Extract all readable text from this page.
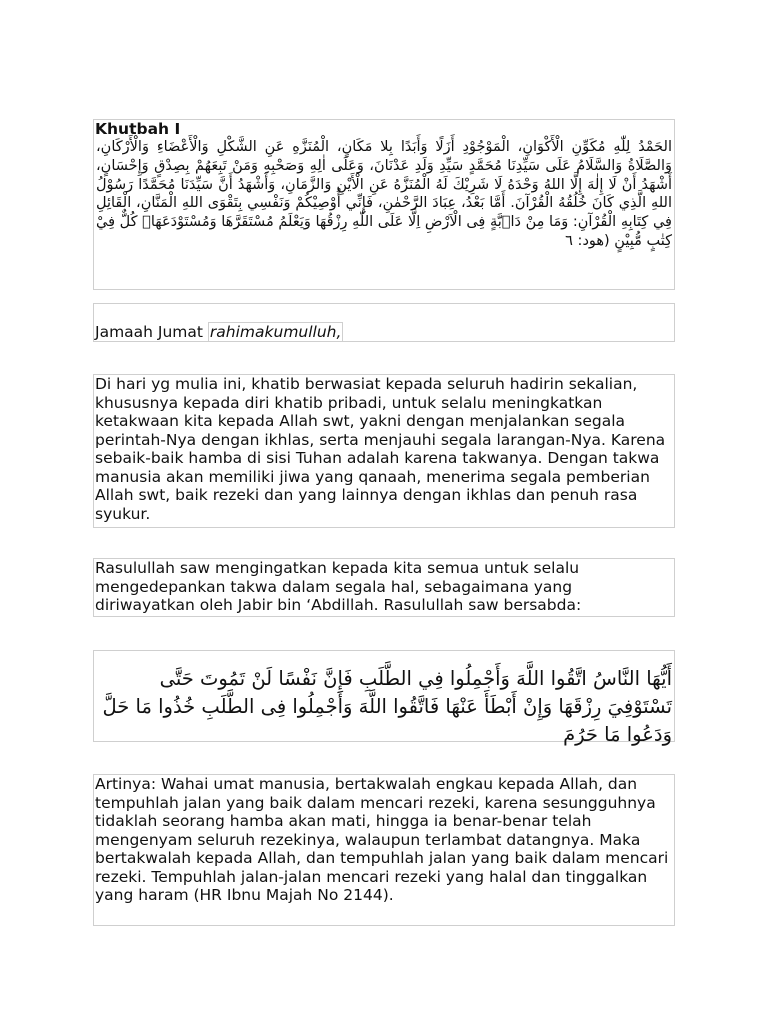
Khutbah I

الحَمْدُ لِلّٰهِ مُكَوِّنِ الْأَكْوَانِ، الْمَوْجُوْدِ أَزَلًا وَأَبَدًا بِلا مَكَانٍ، الْمُنَزَّهِ عَنِ الشَّكْلِ وَالْأَعْضَاءِ وَالْأَرْكَانِ، وَالصَّلَاةُ وَالسَّلَامُ عَلَى سَيِّدِنَا مُحَمَّدٍ سَيِّدِ وَلَدِ عَدْنَانَ، وَعَلَى اٰلِهِ وَصَحْبِهِ وَمَنْ تَبِعَهُمْ بِصِدْقٍ وَإِحْسَانٍ، أَشْهَدُ أَنْ لَا إِلٰهَ إِلَّا اللهُ وَحْدَهُ لَا شَرِيْكَ لَهُ الْمُنَزَّهُ عَنِ الْأَيْنِ وَالزَّمَانِ، وَأَشْهَدُ أَنَّ سَيِّدَنَا مُحَمَّدًا رَسُوْلُ اللهِ الَّذِي كَانَ خُلُقُهُ الْقُرْآنَ. أَمَّا بَعْدُ، عِبَادَ الرَّحْمٰنِ، فَإِنِّي أُوْصِيْكُمْ وَنَفْسِي بِتَقْوَى اللهِ الْمَنَّانِ، الْقَائِلِ فِي كِتَابِهِ الْقُرْآنِ: وَمَا مِنْ دَاۤبَّةٍ فِى الْاَرْضِ اِلَّا عَلَى اللّٰهِ رِزْقُهَا وَيَعْلَمُ مُسْتَقَرَّهَا وَمُسْتَوْدَعَهَاۗ كُلٌّ فِيْ كِتٰبٍ مُّبِيْنٍ (هود: ٦

Jamaah Jumat rahimakumulluh,

Di hari yg mulia ini, khatib berwasiat kepada seluruh hadirin sekalian, khususnya kepada diri khatib pribadi, untuk selalu meningkatkan ketakwaan kita kepada Allah swt, yakni dengan menjalankan segala perintah-Nya dengan ikhlas, serta menjauhi segala larangan-Nya. Karena sebaik-baik hamba di sisi Tuhan adalah karena takwanya. Dengan takwa manusia akan memiliki jiwa yang qanaah, menerima segala pemberian Allah swt, baik rezeki dan yang lainnya dengan ikhlas dan penuh rasa syukur.

Rasulullah saw mengingatkan kepada kita semua untuk selalu mengedepankan takwa dalam segala hal, sebagaimana yang diriwayatkan oleh Jabir bin ‘Abdillah. Rasulullah saw bersabda:

أَيُّهَا النَّاسُ اتَّقُوا اللَّهَ وَأَجْمِلُوا فِي الطَّلَبِ فَإِنَّ نَفْسًا لَنْ تَمُوتَ حَتَّى تَسْتَوْفِيَ رِزْقَهَا وَإِنْ أَبْطَأَ عَنْهَا فَاتَّقُوا اللَّهَ وَأَجْمِلُوا فِى الطَّلَبِ خُذُوا مَا حَلَّ وَدَعُوا مَا حَرُمَ

Artinya: Wahai umat manusia, bertakwalah engkau kepada Allah, dan tempuhlah jalan yang baik dalam mencari rezeki, karena sesungguhnya tidaklah seorang hamba akan mati, hingga ia benar-benar telah mengenyam seluruh rezekinya, walaupun terlambat datangnya. Maka bertakwalah kepada Allah, dan tempuhlah jalan yang baik dalam mencari rezeki. Tempuhlah jalan-jalan mencari rezeki yang halal dan tinggalkan yang haram (HR Ibnu Majah No 2144).
